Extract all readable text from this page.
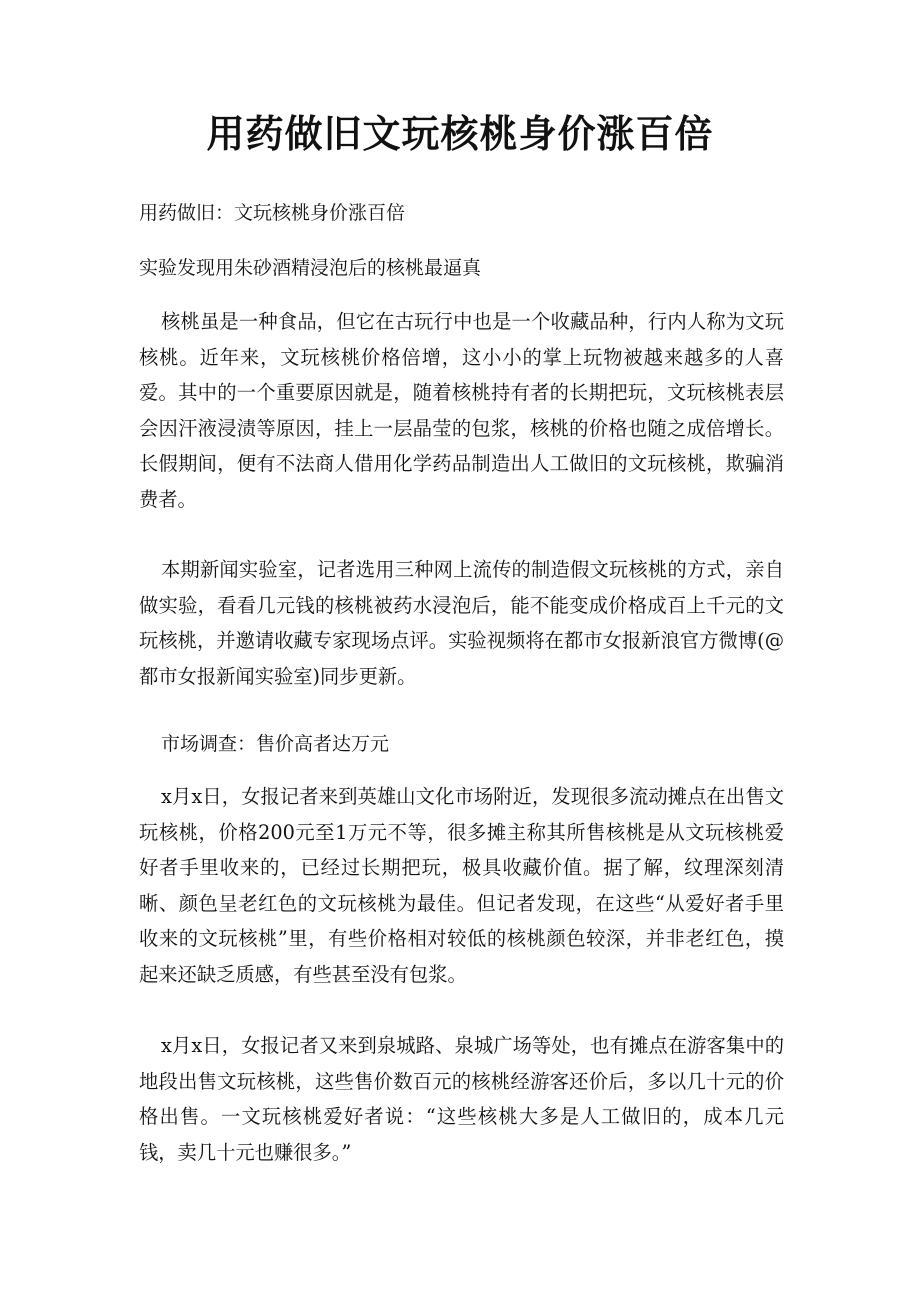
用药做旧文玩核桃身价涨百倍

用药做旧：文玩核桃身价涨百倍

实验发现用朱砂酒精浸泡后的核桃最逼真

核桃虽是一种食品，但它在古玩行中也是一个收藏品种，行内人称为文玩核桃。近年来，文玩核桃价格倍增，这小小的掌上玩物被越来越多的人喜爱。其中的一个重要原因就是，随着核桃持有者的长期把玩，文玩核桃表层会因汗液浸渍等原因，挂上一层晶莹的包浆，核桃的价格也随之成倍增长。长假期间，便有不法商人借用化学药品制造出人工做旧的文玩核桃，欺骗消费者。

本期新闻实验室，记者选用三种网上流传的制造假文玩核桃的方式，亲自做实验，看看几元钱的核桃被药水浸泡后，能不能变成价格成百上千元的文玩核桃，并邀请收藏专家现场点评。实验视频将在都市女报新浪官方微博(@都市女报新闻实验室)同步更新。

市场调查：售价高者达万元

x月x日，女报记者来到英雄山文化市场附近，发现很多流动摊点在出售文玩核桃，价格200元至1万元不等，很多摊主称其所售核桃是从文玩核桃爱好者手里收来的，已经过长期把玩，极具收藏价值。据了解，纹理深刻清晰、颜色呈老红色的文玩核桃为最佳。但记者发现，在这些“从爱好者手里收来的文玩核桃”里，有些价格相对较低的核桃颜色较深，并非老红色，摸起来还缺乏质感，有些甚至没有包浆。

x月x日，女报记者又来到泉城路、泉城广场等处，也有摊点在游客集中的地段出售文玩核桃，这些售价数百元的核桃经游客还价后，多以几十元的价格出售。一文玩核桃爱好者说：“这些核桃大多是人工做旧的，成本几元钱，卖几十元也赚很多。”
